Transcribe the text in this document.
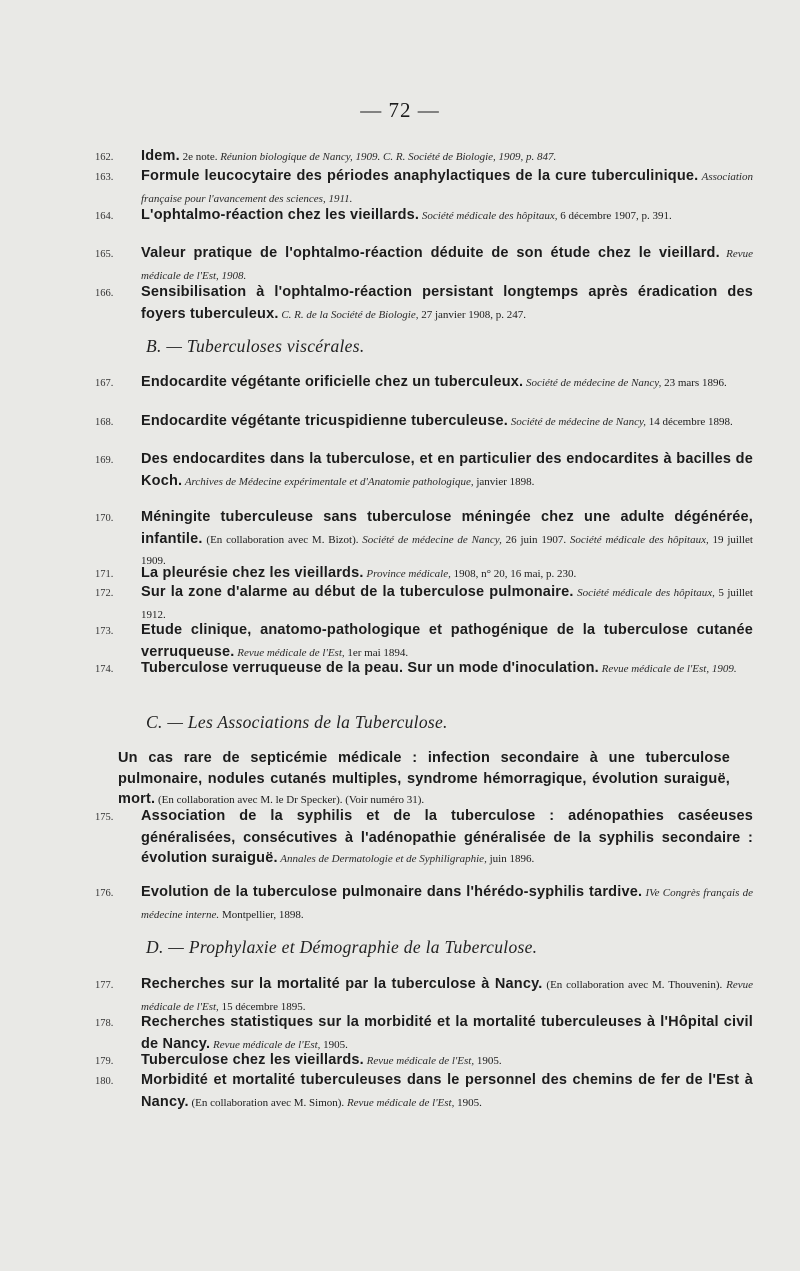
— 72 —
162. Idem. 2e note. Réunion biologique de Nancy, 1909. C. R. Société de Biologie, 1909, p. 847.
163. Formule leucocytaire des périodes anaphylactiques de la cure tuberculinique. Association française pour l'avancement des sciences, 1911.
164. L'ophtalmo-réaction chez les vieillards. Société médicale des hôpitaux, 6 décembre 1907, p. 391.
165. Valeur pratique de l'ophtalmo-réaction déduite de son étude chez le vieillard. Revue médicale de l'Est, 1908.
166. Sensibilisation à l'ophtalmo-réaction persistant longtemps après éradication des foyers tuberculeux. C. R. de la Société de Biologie, 27 janvier 1908, p. 247.
B. — Tuberculoses viscérales.
167. Endocardite végétante orificielle chez un tuberculeux. Société de médecine de Nancy, 23 mars 1896.
168. Endocardite végétante tricuspidienne tuberculeuse. Société de médecine de Nancy, 14 décembre 1898.
169. Des endocardites dans la tuberculose, et en particulier des endocardites à bacilles de Koch. Archives de Médecine expérimentale et d'Anatomie pathologique, janvier 1898.
170. Méningite tuberculeuse sans tuberculose méningée chez une adulte dégénérée, infantile. (En collaboration avec M. Bizot). Société de médecine de Nancy, 26 juin 1907. Société médicale des hôpitaux, 19 juillet 1909.
171. La pleurésie chez les vieillards. Province médicale, 1908, n° 20, 16 mai, p. 230.
172. Sur la zone d'alarme au début de la tuberculose pulmonaire. Société médicale des hôpitaux, 5 juillet 1912.
173. Etude clinique, anatomo-pathologique et pathogénique de la tuberculose cutanée verruqueuse. Revue médicale de l'Est, 1er mai 1894.
174. Tuberculose verruqueuse de la peau. Sur un mode d'inoculation. Revue médicale de l'Est, 1909.
C. — Les Associations de la Tuberculose.
Un cas rare de septicémie médicale : infection secondaire à une tuberculose pulmonaire, nodules cutanés multiples, syndrome hémorragique, évolution suraiguë, mort. (En collaboration avec M. le Dr Specker). (Voir numéro 31).
175. Association de la syphilis et de la tuberculose : adénopathies caséeuses généralisées, consécutives à l'adénopathie généralisée de la syphilis secondaire : évolution suraiguë. Annales de Dermatologie et de Syphiligraphie, juin 1896.
176. Evolution de la tuberculose pulmonaire dans l'hérédo-syphilis tardive. IVe Congrès français de médecine interne. Montpellier, 1898.
D. — Prophylaxie et Démographie de la Tuberculose.
177. Recherches sur la mortalité par la tuberculose à Nancy. (En collaboration avec M. Thouvenin). Revue médicale de l'Est, 15 décembre 1895.
178. Recherches statistiques sur la morbidité et la mortalité tuberculeuses à l'Hôpital civil de Nancy. Revue médicale de l'Est, 1905.
179. Tuberculose chez les vieillards. Revue médicale de l'Est, 1905.
180. Morbidité et mortalité tuberculeuses dans le personnel des chemins de fer de l'Est à Nancy. (En collaboration avec M. Simon). Revue médicale de l'Est, 1905.
